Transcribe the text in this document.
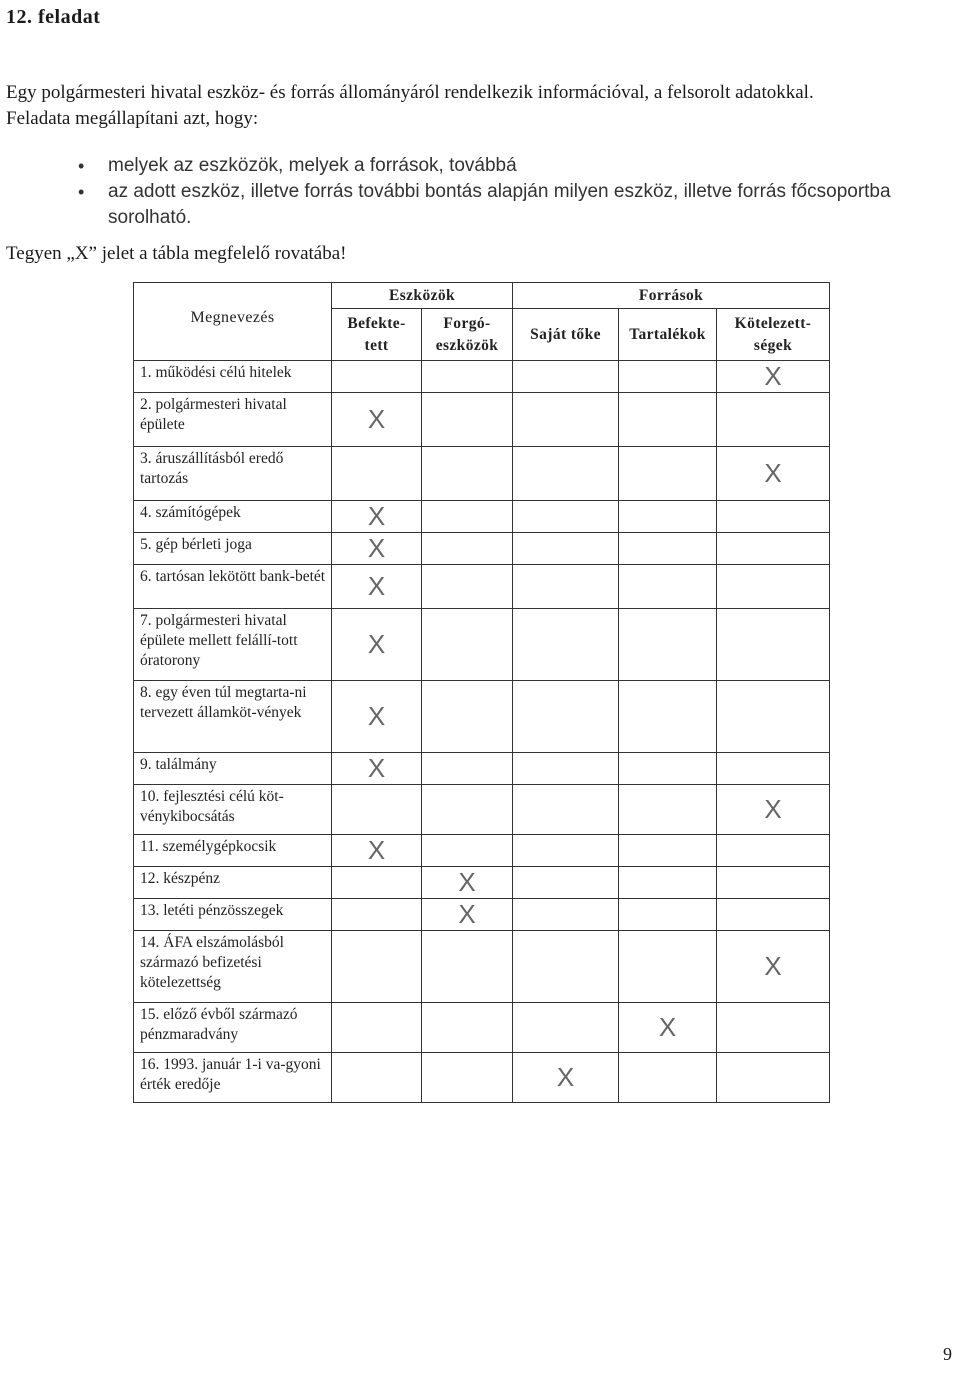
12. feladat

Egy polgármesteri hivatal eszköz- és forrás állományáról rendelkezik információval, a felsorolt adatokkal.

Feladata megállapítani azt, hogy:

• melyek az eszközök, melyek a források, továbbá
• az adott eszköz, illetve forrás további bontás alapján milyen eszköz, illetve forrás főcsoportba sorolható.
Tegyen „X” jelet a tábla megfelelő rovatába!
Megnevezés	Eszközök		Források		
	Befekte- tett	Forgó- eszközök	Saját tőke	Tartalékok	Kötelezett- ségek

1. működési célú hitelek					X

2. polgármesteri hivatal épülete	X				

3. áruszállításból eredő tartozás					X

4. számítógépek	X				

5. gép bérleti joga	X				

6. tartósan lekötött bank-betét	X				

7. polgármesteri hivatal épülete mellett felállí-tott óratorony	X				

8. egy éven túl megtarta-ni tervezett államköt-vények	X				

9. találmány	X				

10. fejlesztési célú köt-vénykibocsátás					X

11. személygépkocsik	X				

12. készpénz		X			

13. letéti pénzösszegek		X			

14. ÁFA elszámolásból származó befizetési kötelezettség					X

15. előző évből származó pénzmaradvány				X	

16. 1993. január 1-i va-gyoni érték eredője			X		
9
